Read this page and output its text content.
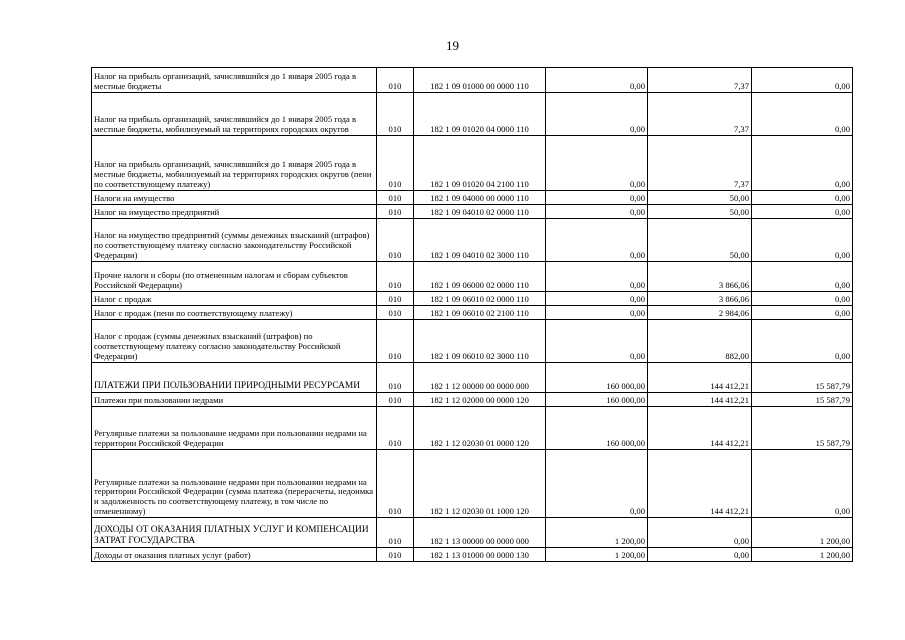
19
Налог на прибыль организаций, зачислявшийся до 1 января 2005 года в местные бюджеты	010	182 1 09 01000 00 0000 110	0,00	7,37	0,00
Налог на прибыль организаций, зачислявшийся до 1 января 2005 года в местные бюджеты, мобилизуемый на территориях городских округов	010	182 1 09 01020 04 0000 110	0,00	7,37	0,00
Налог на прибыль организаций, зачислявшийся до 1 января 2005 года в местные бюджеты, мобилизуемый на территориях городских округов (пени по соответствующему платежу)	010	182 1 09 01020 04 2100 110	0,00	7,37	0,00
Налоги на имущество	010	182 1 09 04000 00 0000 110	0,00	50,00	0,00
Налог на имущество предприятий	010	182 1 09 04010 02 0000 110	0,00	50,00	0,00
Налог на имущество предприятий (суммы денежных взысканий (штрафов) по соответствующему платежу согласно законодательству Российской Федерации)	010	182 1 09 04010 02 3000 110	0,00	50,00	0,00
Прочие налоги и сборы (по отмененным налогам и сборам субъектов Российской Федерации)	010	182 1 09 06000 02 0000 110	0,00	3 866,06	0,00
Налог с продаж	010	182 1 09 06010 02 0000 110	0,00	3 866,06	0,00
Налог с продаж (пени по соответствующему платежу)	010	182 1 09 06010 02 2100 110	0,00	2 984,06	0,00
Налог с продаж (суммы денежных взысканий (штрафов) по соответствующему платежу согласно законодательству Российской Федерации)	010	182 1 09 06010 02 3000 110	0,00	882,00	0,00
ПЛАТЕЖИ ПРИ ПОЛЬЗОВАНИИ ПРИРОДНЫМИ РЕСУРСАМИ	010	182 1 12 00000 00 0000 000	160 000,00	144 412,21	15 587,79
Платежи при пользовании недрами	010	182 1 12 02000 00 0000 120	160 000,00	144 412,21	15 587,79
Регулярные платежи за пользование недрами при пользовании недрами на территории Российской Федерации	010	182 1 12 02030 01 0000 120	160 000,00	144 412,21	15 587,79
Регулярные платежи за пользование недрами при пользовании недрами на территории Российской Федерации (сумма платежа (перерасчеты, недоимка и задолженность по соответствующему платежу, в том числе по отмененному)	010	182 1 12 02030 01 1000 120	0,00	144 412,21	0,00
ДОХОДЫ ОТ ОКАЗАНИЯ ПЛАТНЫХ УСЛУГ И КОМПЕНСАЦИИ ЗАТРАТ ГОСУДАРСТВА	010	182 1 13 00000 00 0000 000	1 200,00	0,00	1 200,00
Доходы от оказания платных услуг (работ)	010	182 1 13 01000 00 0000 130	1 200,00	0,00	1 200,00
